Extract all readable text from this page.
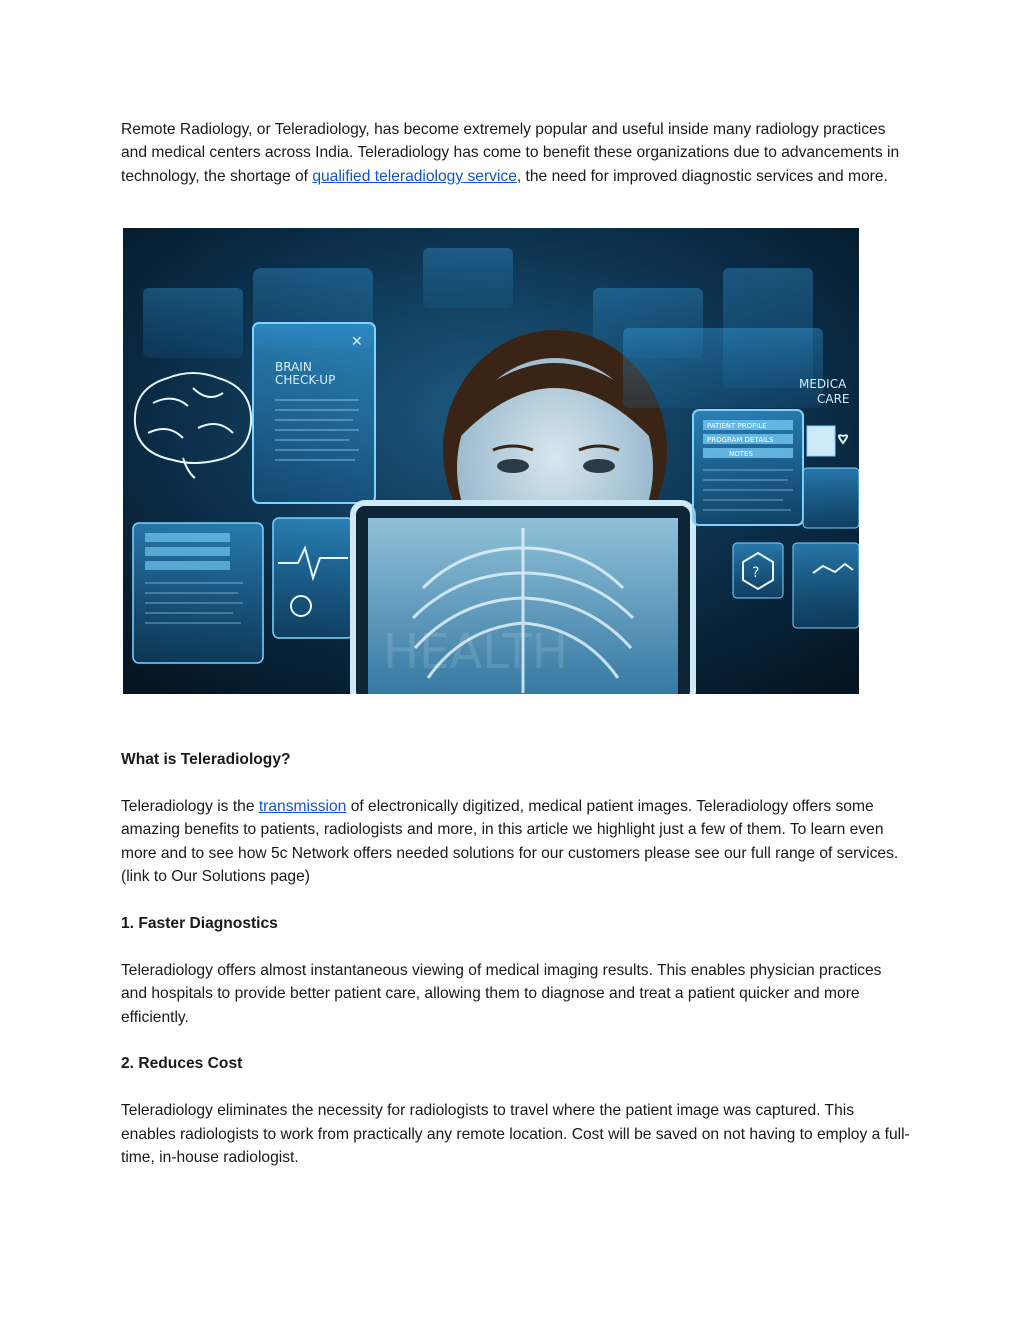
Remote Radiology, or Teleradiology, has become extremely popular and useful inside many radiology practices and medical centers across India. Teleradiology has come to benefit these organizations due to advancements in technology, the shortage of qualified teleradiology service, the need for improved diagnostic services and more.

BRAIN
CHECK-UP
✕
HEALTH
PATIENT PROFILE
PROGRAM DETAILS
NOTES
MEDICA
CARE
?

What is Teleradiology?

Teleradiology is the transmission of electronically digitized, medical patient images. Teleradiology offers some amazing benefits to patients, radiologists and more, in this article we highlight just a few of them. To learn even more and to see how 5c Network offers needed solutions for our customers please see our full range of services. (link to Our Solutions page)

1. Faster Diagnostics

Teleradiology offers almost instantaneous viewing of medical imaging results. This enables physician practices and hospitals to provide better patient care, allowing them to diagnose and treat a patient quicker and more efficiently.

2. Reduces Cost

Teleradiology eliminates the necessity for radiologists to travel where the patient image was captured. This enables radiologists to work from practically any remote location. Cost will be saved on not having to employ a full-time, in-house radiologist.
